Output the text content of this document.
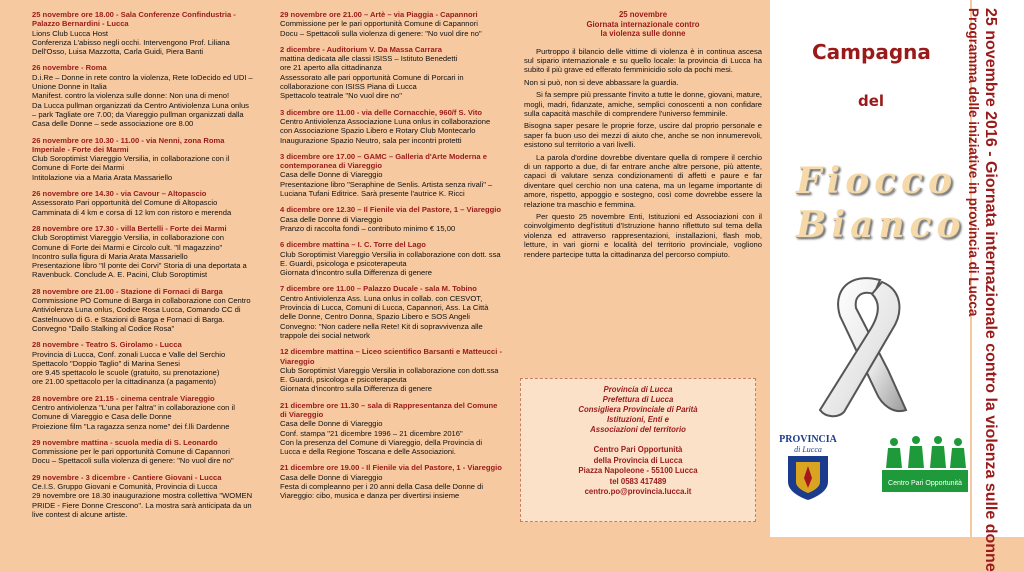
25 novembre ore 18.00 - Sala Conferenze Confindustria - Palazzo Bernardini - Lucca
Lions Club Lucca Host
Conferenza L'abisso negli occhi. Intervengono Prof. Liliana Dell'Osso, Luisa Mazzotta, Carla Guidi, Piera Banti
26 novembre - Roma
D.i.Re – Donne in rete contro la violenza, Rete IoDecido ed UDI – Unione Donne in Italia
Manifest. contro la violenza sulle donne: Non una di meno!
Da Lucca pullman organizzati da Centro Antiviolenza Luna onlus – park Tagliate ore 7.00; da Viareggio pullman organizzati dalla Casa delle Donne – sede associazione ore 8.00
26 novembre ore 10.30 - 11.00 - via Nenni, zona Roma Imperiale - Forte dei Marmi
Club Soroptimist Viareggio Versilia, in collaborazione con il Comune di Forte dei Marmi
Intitolazione via a Maria Arata Massariello
26 novembre ore 14.30 - via Cavour – Altopascio
Assessorato Pari opportunità del Comune di Altopascio
Camminata di 4 km e corsa di 12 km con ristoro e merenda
28 novembre ore 17.30 - villa Bertelli - Forte dei Marmi
Club Soroptimist Viareggio Versilia, in collaborazione con Comune di Forte dei Marmi e Circolo cult. "Il magazzino"
Incontro sulla figura di Maria Arata Massariello
Presentazione libro "Il ponte dei Corvi" Storia di una deportata a Ravenbuck. Conclude A. E. Pacini, Club Soroptimist
28 novembre ore 21.00 - Stazione di Fornaci di Barga
Commissione PO Comune di Barga in collaborazione con Centro Antiviolenza Luna onlus, Codice Rosa Lucca, Comando CC di Castelnuovo di G. e Stazioni di Barga e Fornaci di Barga. Convegno "Dallo Stalking al Codice Rosa"
28 novembre - Teatro S. Girolamo - Lucca
Provincia di Lucca, Conf. zonali Lucca e Valle del Serchio
Spettacolo "Doppio Taglio" di Marina Senesi
ore 9.45 spettacolo le scuole (gratuito, su prenotazione)
ore 21.00 spettacolo per la cittadinanza (a pagamento)
28 novembre ore 21.15 - cinema centrale Viareggio
Centro antiviolenza "L'una per l'altra" in collaborazione con il Comune di Viareggio e Casa delle Donne
Proiezione film "La ragazza senza nome" dei f.lli Dardenne
29 novembre mattina - scuola media di S. Leonardo
Commissione per le pari opportunità Comune di Capannori
Docu – Spettacoli sulla violenza di genere: "No vuol dire no"
29 novembre - 3 dicembre - Cantiere Giovani - Lucca
Ce.I.S. Gruppo Giovani e Comunità, Provincia di Lucca
29 novembre ore 18.30 inaugurazione mostra collettiva "WOMEN PRIDE - Fiere Donne Crescono". La mostra sarà anticipata da un live contest di alcune artiste.
29 novembre ore 21.00 – Artè – via Piaggia - Capannori
Commissione per le pari opportunità Comune di Capannori
Docu – Spettacoli sulla violenza di genere: "No vuol dire no"
2 dicembre - Auditorium V. Da Massa Carrara
mattina dedicata alle classi ISISS – Istituto Benedetti
ore 21 aperto alla cittadinanza
Assessorato alle pari opportunità Comune di Porcari in collaborazione con ISISS Piana di Lucca
Spettacolo teatrale "No vuol dire no"
3 dicembre ore 11.00 - via delle Cornacchie, 960/f S. Vito
Centro Antiviolenza Associazione Luna onlus in collaborazione con Associazione Spazio Libero e Rotary Club Montecarlo
Inaugurazione Spazio Neutro, sala per incontri protetti
3 dicembre ore 17.00 – GAMC – Galleria d'Arte Moderna e contemporanea di Viareggio
Casa delle Donne di Viareggio
Presentazione libro "Seraphine de Senlis. Artista senza rivali" – Luciana Tufani Editrice. Sarà presente l'autrice K. Ricci
4 dicembre ore 12.30 – Il Fienile via del Pastore, 1 – Viareggio
Casa delle Donne di Viareggio
Pranzo di raccolta fondi – contributo minimo € 15,00
6 dicembre mattina – I. C. Torre del Lago
Club Soroptimist Viareggio Versilia in collaborazione con dott. ssa E. Guardi, psicologa e psicoterapeuta
Giornata d'incontro sulla Differenza di genere
7 dicembre ore 11.00 – Palazzo Ducale - sala M. Tobino
Centro Antiviolenza Ass. Luna onlus in collab. con CESVOT, Provincia di Lucca, Comuni di Lucca, Capannori, Ass. La Città delle Donne, Centro Donna, Spazio Libero e SOS Angeli
Convegno: "Non cadere nella Rete! Kit di sopravvivenza alle trappole dei social network
12 dicembre mattina – Liceo scientifico Barsanti e Matteucci - Viareggio
Club Soroptimist Viareggio Versilia in collaborazione con dott.ssa E. Guardi, psicologa e psicoterapeuta
Giornata d'incontro sulla Differenza di genere
21 dicembre ore 11.30 – sala di Rappresentanza del Comune di Viareggio
Casa delle Donne di Viareggio
Conf. stampa "21 dicembre 1996 – 21 dicembre 2016"
Con la presenza del Comune di Viareggio, della Provincia di Lucca e della Regione Toscana e delle Associazioni.
21 dicembre ore 19.00 - Il Fienile via del Pastore, 1 - Viareggio
Casa delle Donne di Viareggio
Festa di compleanno per i 20 anni della Casa delle Donne di Viareggio: cibo, musica e danza per divertirsi insieme
25 novembre
Giornata internazionale contro
la violenza sulle donne

Purtroppo il bilancio delle vittime di violenza è in continua ascesa sul sipario internazionale e su quello locale: la provincia di Lucca ha subito il più grave ed efferato femminicidio solo da pochi mesi.

Non si può, non si deve abbassare la guardia.

Si fa sempre più pressante l'invito a tutte le donne, giovani, mature, mogli, madri, fidanzate, amiche, semplici conoscenti a non confidare sulla capacità maschile di comprendere l'universo femminile.

Bisogna saper pesare le proprie forze, uscire dal proprio personale e saper fa buon uso dei mezzi di aiuto che, anche se non innumerevoli, esistono sul territorio a vari livelli.

La parola d'ordine dovrebbe diventare quella di rompere il cerchio di un rapporto a due, di far entrare anche altre persone, più attente, capaci di valutare senza condizionamenti di affetti e paure e far diventare quel cerchio non una catena, ma un legame importante di amore, rispetto, appoggio e sostegno, così come dovrebbe essere la relazione tra maschio e femmina.

Per questo 25 novembre Enti, Istituzioni ed Associazioni con il coinvolgimento degl'istituti d'Istruzione hanno riflettuto sul tema della violenza ed attraverso rappresentazioni, installazioni, flash mob, letture, in vari giorni e località del territorio provinciale, vogliono rendere partecipe tutta la cittadinanza del percorso compiuto.

Provincia di Lucca
Prefettura di Lucca
Consigliera Provinciale di Parità
Istituzioni, Enti e
Associazioni del territorio
Centro Pari Opportunità
della Provincia di Lucca
Piazza Napoleone - 55100 Lucca
tel 0583 417489
centro.po@provincia.lucca.it
Campagna
del
Fiocco
Bianco
PROVINCIA
di Lucca
Centro Pari Opportunità 25 novembre 2016 - Giornata internazionale contro la violenza sulle donne
Programma delle iniziative in provincia di Lucca
